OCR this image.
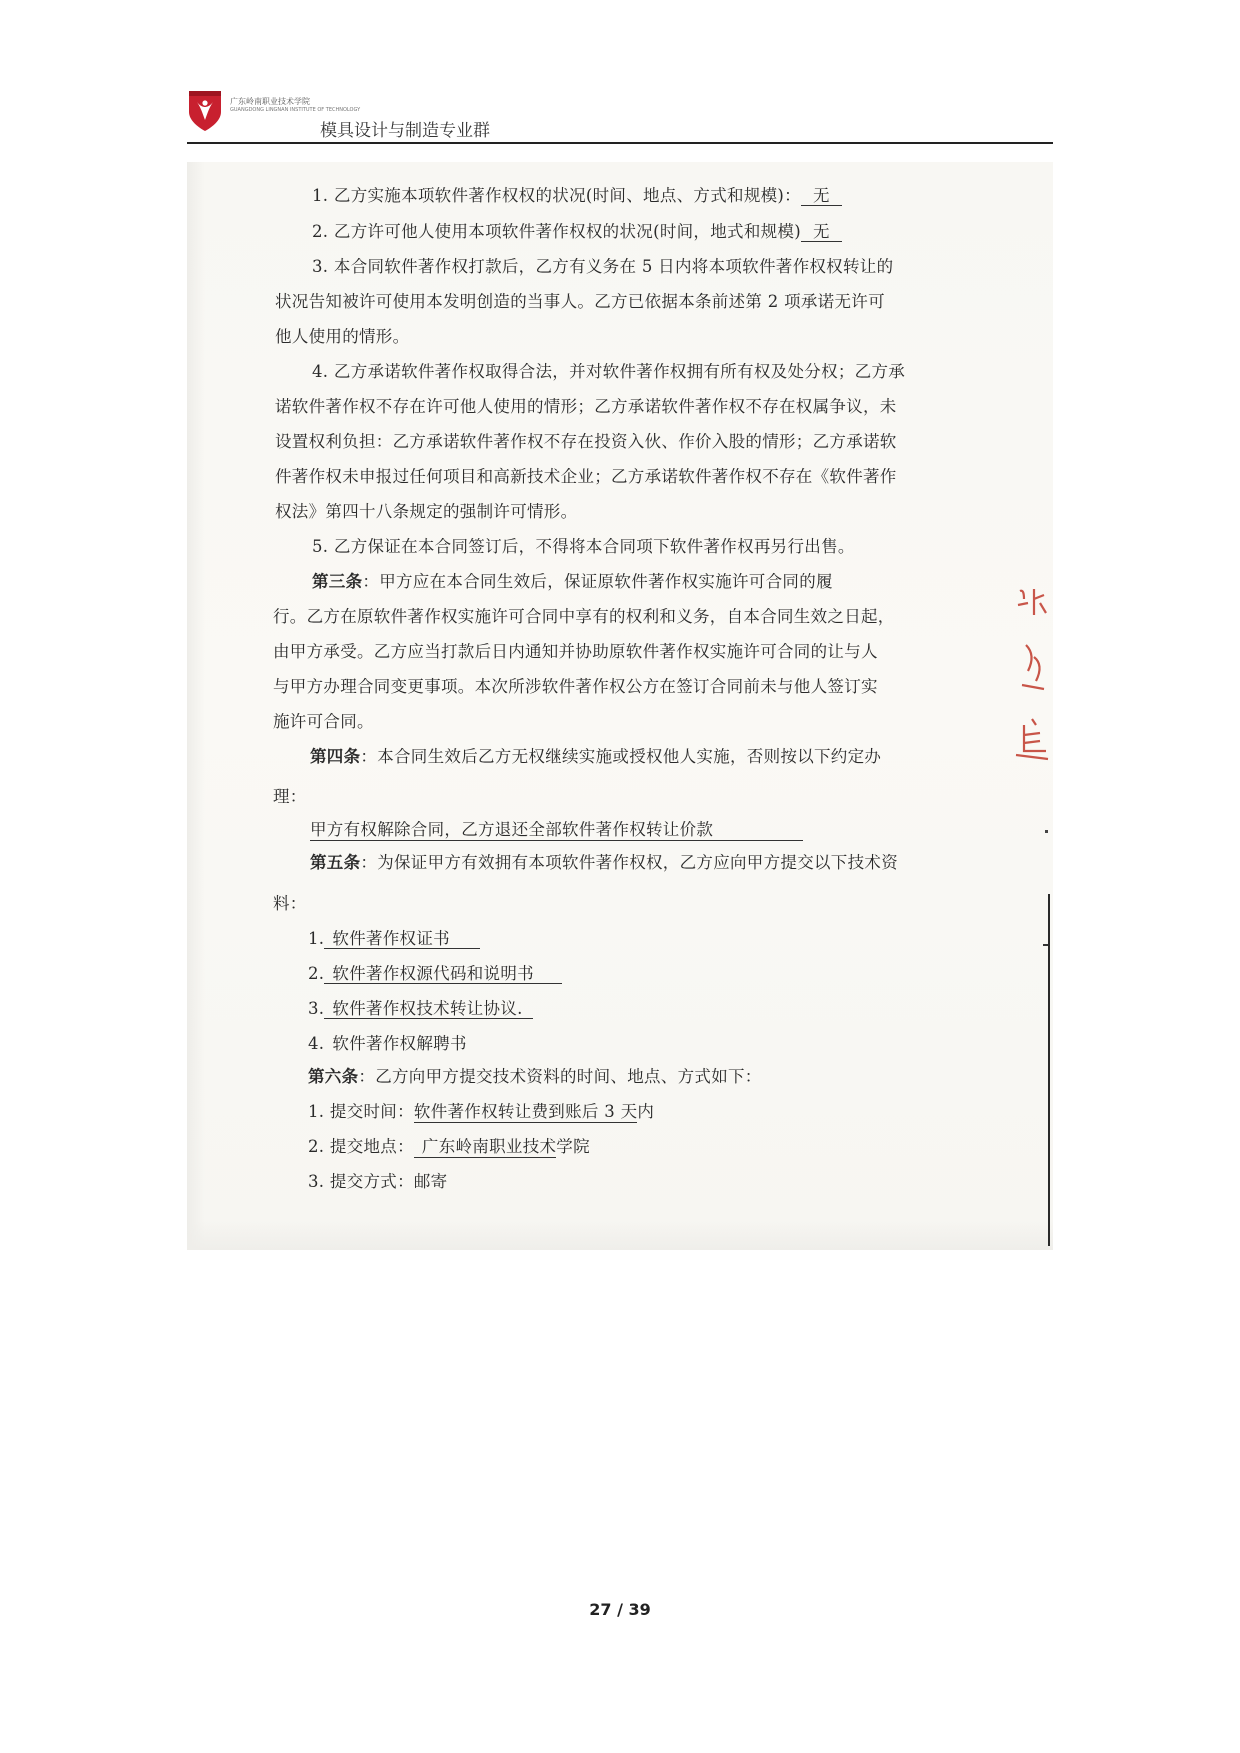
广东岭南职业技术学院
GUANGDONG LINGNAN INSTITUTE OF TECHNOLOGY
模具设计与制造专业群
1. 乙方实施本项软件著作权权的状况(时间、地点、方式和规模)： 无
2. 乙方许可他人使用本项软件著作权权的状况(时间，地式和规模) 无
3. 本合同软件著作权打款后，乙方有义务在 5 日内将本项软件著作权权转让的
状况告知被许可使用本发明创造的当事人。乙方已依据本条前述第 2 项承诺无许可
他人使用的情形。
4. 乙方承诺软件著作权取得合法，并对软件著作权拥有所有权及处分权；乙方承
诺软件著作权不存在许可他人使用的情形；乙方承诺软件著作权不存在权属争议，未
设置权利负担：乙方承诺软件著作权不存在投资入伙、作价入股的情形；乙方承诺软
件著作权未申报过任何项目和高新技术企业；乙方承诺软件著作权不存在《软件著作
权法》第四十八条规定的强制许可情形。
5. 乙方保证在本合同签订后，不得将本合同项下软件著作权再另行出售。
第三条：甲方应在本合同生效后，保证原软件著作权实施许可合同的履
行。乙方在原软件著作权实施许可合同中享有的权利和义务，自本合同生效之日起，
由甲方承受。乙方应当打款后日内通知并协助原软件著作权实施许可合同的让与人
与甲方办理合同变更事项。本次所涉软件著作权公方在签订合同前未与他人签订实
施许可合同。
第四条：本合同生效后乙方无权继续实施或授权他人实施，否则按以下约定办
理：
甲方有权解除合同，乙方退还全部软件著作权转让价款
第五条：为保证甲方有效拥有本项软件著作权权，乙方应向甲方提交以下技术资
料：
1. 软件著作权证书
2. 软件著作权源代码和说明书
3. 软件著作权技术转让协议.
4. 软件著作权解聘书
第六条：乙方向甲方提交技术资料的时间、地点、方式如下：
1. 提交时间：软件著作权转让费到账后 3 天内
2. 提交地点： 广东岭南职业技术学院
3. 提交方式：邮寄
27 / 39
